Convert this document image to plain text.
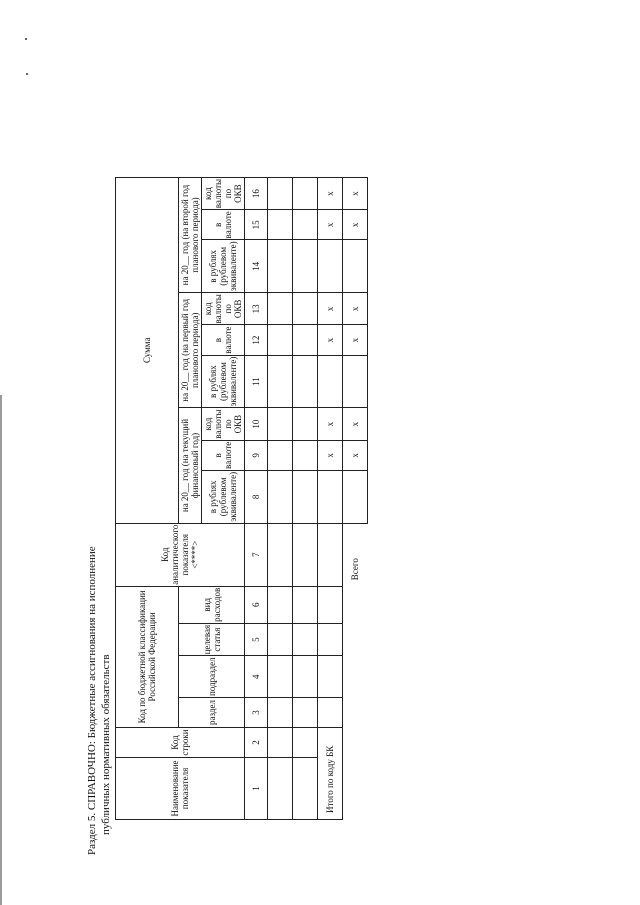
Раздел 5. СПРАВОЧНО: Бюджетные ассигнования на исполнение публичных нормативных обязательств	Наименование показателя	Код строки	Код по бюджетной классификации Российской Федерации				Код аналитического показателя <****>	Сумма								
		раздел	подраздел	целевая статья	вид расходов		на 20__ год (на текущий финансовый год)			на 20__ год (на первый год планового периода)			на 20__ год (на второй год планового периода)		
							в рублях (рублевом эквиваленте)	в валюте	код валюты по ОКВ	в рублях (рублевом эквиваленте)	в валюте	код валюты по ОКВ	в рублях (рублевом эквиваленте)	в валюте	код валюты по ОКВ
1	2	3	4	5	6	7	8	9	10	11	12	13	14	15	16

Итого по коду БК								x	x		x	x		x	x
						Всего		x	x		x	x		x	x
